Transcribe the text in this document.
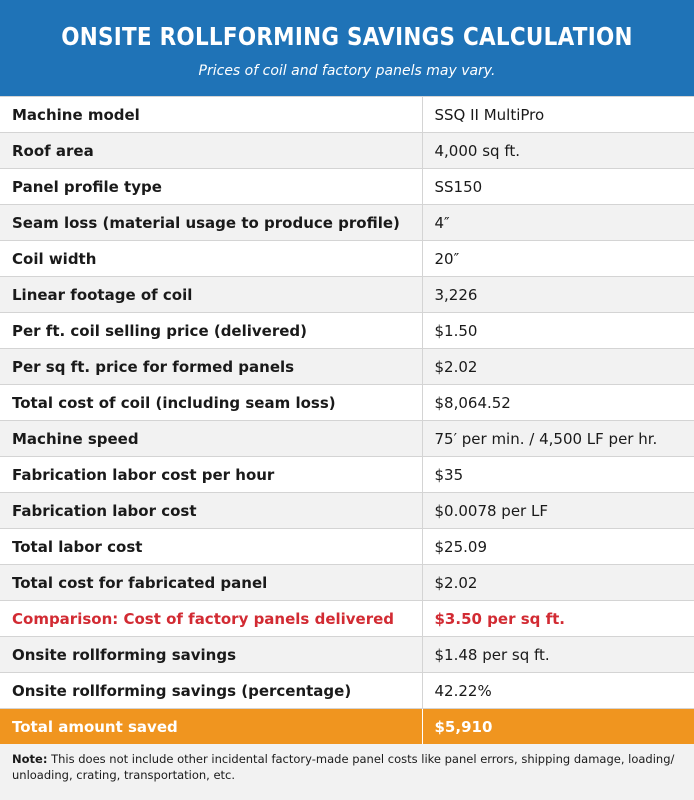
ONSITE ROLLFORMING SAVINGS CALCULATION
Prices of coil and factory panels may vary.
Machine model	SSQ II MultiPro
Roof area	4,000 sq ft.
Panel profile type	SS150
Seam loss (material usage to produce profile)	4″
Coil width	20″
Linear footage of coil	3,226
Per ft. coil selling price (delivered)	$1.50
Per sq ft. price for formed panels	$2.02
Total cost of coil (including seam loss)	$8,064.52
Machine speed	75′ per min. / 4,500 LF per hr.
Fabrication labor cost per hour	$35
Fabrication labor cost	$0.0078 per LF
Total labor cost	$25.09
Total cost for fabricated panel	$2.02
Comparison: Cost of factory panels delivered	$3.50 per sq ft.
Onsite rollforming savings	$1.48 per sq ft.
Onsite rollforming savings (percentage)	42.22%
Total amount saved	$5,910
Note: This does not include other incidental factory-made panel costs like panel errors, shipping damage, loading/ unloading, crating, transportation, etc.
